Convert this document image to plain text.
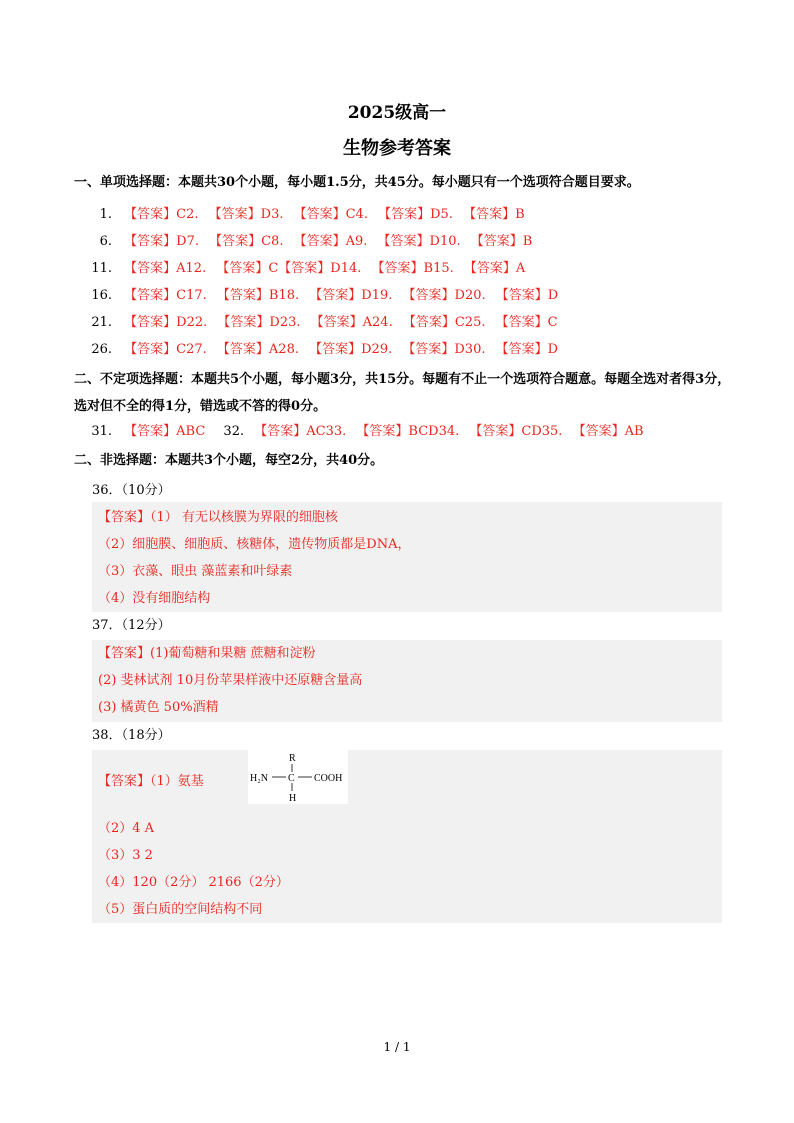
2025级高一
生物参考答案
一、单项选择题：本题共30个小题，每小题1.5分，共45分。每小题只有一个选项符合题目要求。
1. 【答案】C2. 【答案】D3. 【答案】C4. 【答案】D5. 【答案】B
6. 【答案】D7. 【答案】C8. 【答案】A9. 【答案】D10. 【答案】B
11. 【答案】A12. 【答案】C【答案】D14. 【答案】B15. 【答案】A
16. 【答案】C17. 【答案】B18. 【答案】D19. 【答案】D20. 【答案】D
21. 【答案】D22. 【答案】D23. 【答案】A24. 【答案】C25. 【答案】C
26. 【答案】C27. 【答案】A28. 【答案】D29. 【答案】D30. 【答案】D
二、不定项选择题：本题共5个小题，每小题3分，共15分。每题有不止一个选项符合题意。每题全选对者得3分，选对但不全的得1分，错选或不答的得0分。
31. 【答案】ABC 32. 【答案】AC33. 【答案】BCD34. 【答案】CD35. 【答案】AB
二、非选择题：本题共3个小题，每空2分，共40分。
36．（10分）
【答案】（1） 有无以核膜为界限的细胞核
（2）细胞膜、细胞质、核糖体，遗传物质都是DNA，
（3）衣藻、眼虫 藻蓝素和叶绿素
（4）没有细胞结构
37．（12分）
【答案】(1)葡萄糖和果糖 蔗糖和淀粉
(2) 斐林试剂 10月份苹果样液中还原糖含量高
(3) 橘黄色 50%酒精
38．（18分）
【答案】（1）氨基
R
H₂N C COOH
H
（2）4 A
（3）3 2
（4）120（2分） 2166（2分）
（5）蛋白质的空间结构不同
1 / 1
